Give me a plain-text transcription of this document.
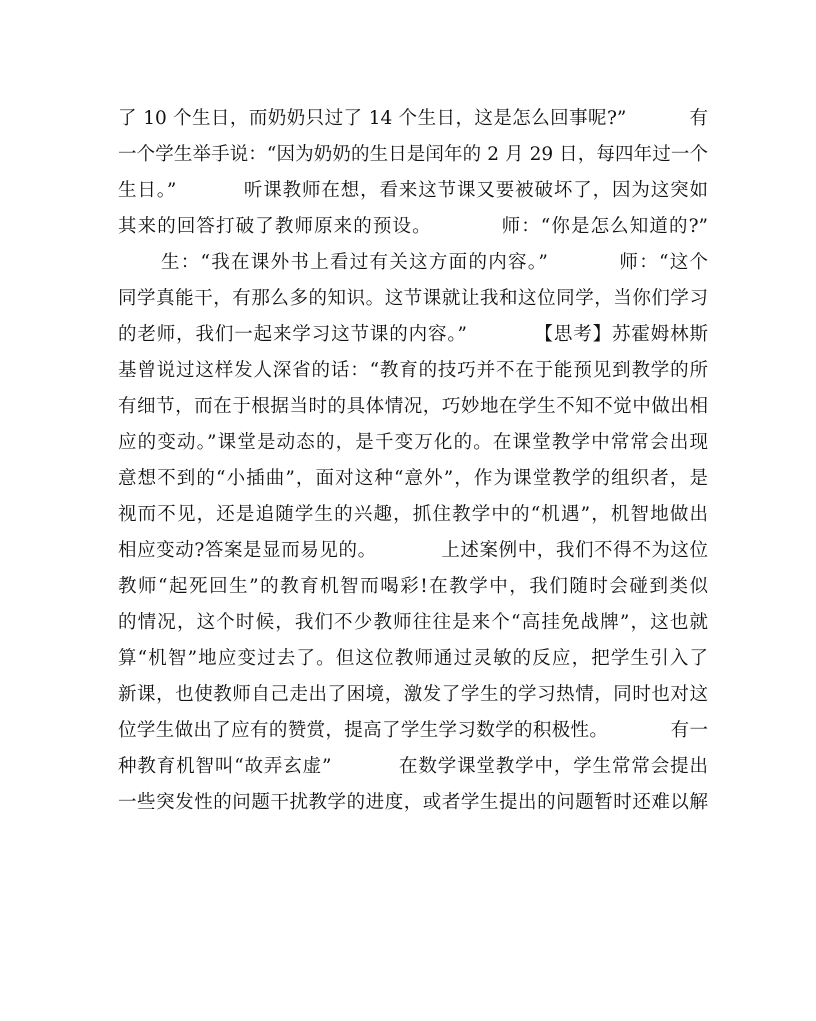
了 10 个生日，而奶奶只过了 14 个生日，这是怎么回事呢?”          有
一个学生举手说：“因为奶奶的生日是闰年的 2 月 29 日，每四年过一个
生日。”          听课教师在想，看来这节课又要被破坏了，因为这突如
其来的回答打破了教师原来的预设。          师：“你是怎么知道的?”
生：“我在课外书上看过有关这方面的内容。”          师：“这个
同学真能干，有那么多的知识。这节课就让我和这位同学，当你们学习
的老师，我们一起来学习这节课的内容。”          【思考】苏霍姆林斯
基曾说过这样发人深省的话：“教育的技巧并不在于能预见到教学的所
有细节，而在于根据当时的具体情况，巧妙地在学生不知不觉中做出相
应的变动。”课堂是动态的，是千变万化的。在课堂教学中常常会出现
意想不到的“小插曲”，面对这种“意外”，作为课堂教学的组织者，是
视而不见，还是追随学生的兴趣，抓住教学中的“机遇”，机智地做出
相应变动?答案是显而易见的。          上述案例中，我们不得不为这位
教师“起死回生”的教育机智而喝彩!在教学中，我们随时会碰到类似
的情况，这个时候，我们不少教师往往是来个“高挂免战牌”，这也就
算“机智”地应变过去了。但这位教师通过灵敏的反应，把学生引入了
新课，也使教师自己走出了困境，激发了学生的学习热情，同时也对这
位学生做出了应有的赞赏，提高了学生学习数学的积极性。          有一
种教育机智叫“故弄玄虚”          在数学课堂教学中，学生常常会提出
一些突发性的问题干扰教学的进度，或者学生提出的问题暂时还难以解
